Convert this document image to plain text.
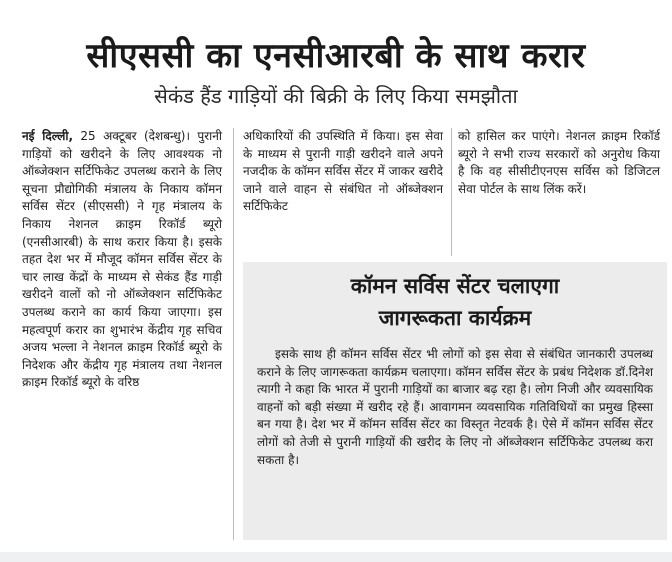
सीएससी का एनसीआरबी के साथ करार
सेकंड हैंड गाड़ियों की बिक्री के लिए किया समझौता

नई दिल्ली, 25 अक्टूबर (देशबन्धु)। पुरानी गाड़ियों को खरीदने के लिए आवश्यक नो ऑब्जेक्शन सर्टिफिकेट उपलब्ध कराने के लिए सूचना प्रौद्योगिकी मंत्रालय के निकाय कॉमन सर्विस सेंटर (सीएससी) ने गृह मंत्रालय के निकाय नेशनल क्राइम रिकॉर्ड ब्यूरो (एनसीआरबी) के साथ करार किया है। इसके तहत देश भर में मौजूद कॉमन सर्विस सेंटर के चार लाख केंद्रों के माध्यम से सेकंड हैंड गाड़ी खरीदने वालों को नो ऑब्जेक्शन सर्टिफिकेट उपलब्ध कराने का कार्य किया जाएगा। इस महत्वपूर्ण करार का शुभारंभ केंद्रीय गृह सचिव अजय भल्ला ने नेशनल क्राइम रिकॉर्ड ब्यूरो के निदेशक और केंद्रीय गृह मंत्रालय तथा नेशनल क्राइम रिकॉर्ड ब्यूरो के वरिष्ठ

अधिकारियों की उपस्थिति में किया। इस सेवा के माध्यम से पुरानी गाड़ी खरीदने वाले अपने नजदीक के कॉमन सर्विस सेंटर में जाकर खरीदे जाने वाले वाहन से संबंधित नो ऑब्जेक्शन सर्टिफिकेट

को हासिल कर पाएंगे। नेशनल क्राइम रिकॉर्ड ब्यूरो ने सभी राज्य सरकारों को अनुरोध किया है कि वह सीसीटीएनएस सर्विस को डिजिटल सेवा पोर्टल के साथ लिंक करें।

कॉमन सर्विस सेंटर चलाएगा
जागरूकता कार्यक्रम
इसके साथ ही कॉमन सर्विस सेंटर भी लोगों को इस सेवा से संबंधित जानकारी उपलब्ध कराने के लिए जागरूकता कार्यक्रम चलाएगा। कॉमन सर्विस सेंटर के प्रबंध निदेशक डॉ.दिनेश त्यागी ने कहा कि भारत में पुरानी गाड़ियों का बाजार बढ़ रहा है। लोग निजी और व्यवसायिक वाहनों को बड़ी संख्या में खरीद रहे हैं। आवागमन व्यवसायिक गतिविधियों का प्रमुख हिस्सा बन गया है। देश भर में कॉमन सर्विस सेंटर का विस्तृत नेटवर्क है। ऐसे में कॉमन सर्विस सेंटर लोगों को तेजी से पुरानी गाड़ियों की खरीद के लिए नो ऑब्जेक्शन सर्टिफिकेट उपलब्ध करा सकता है।
